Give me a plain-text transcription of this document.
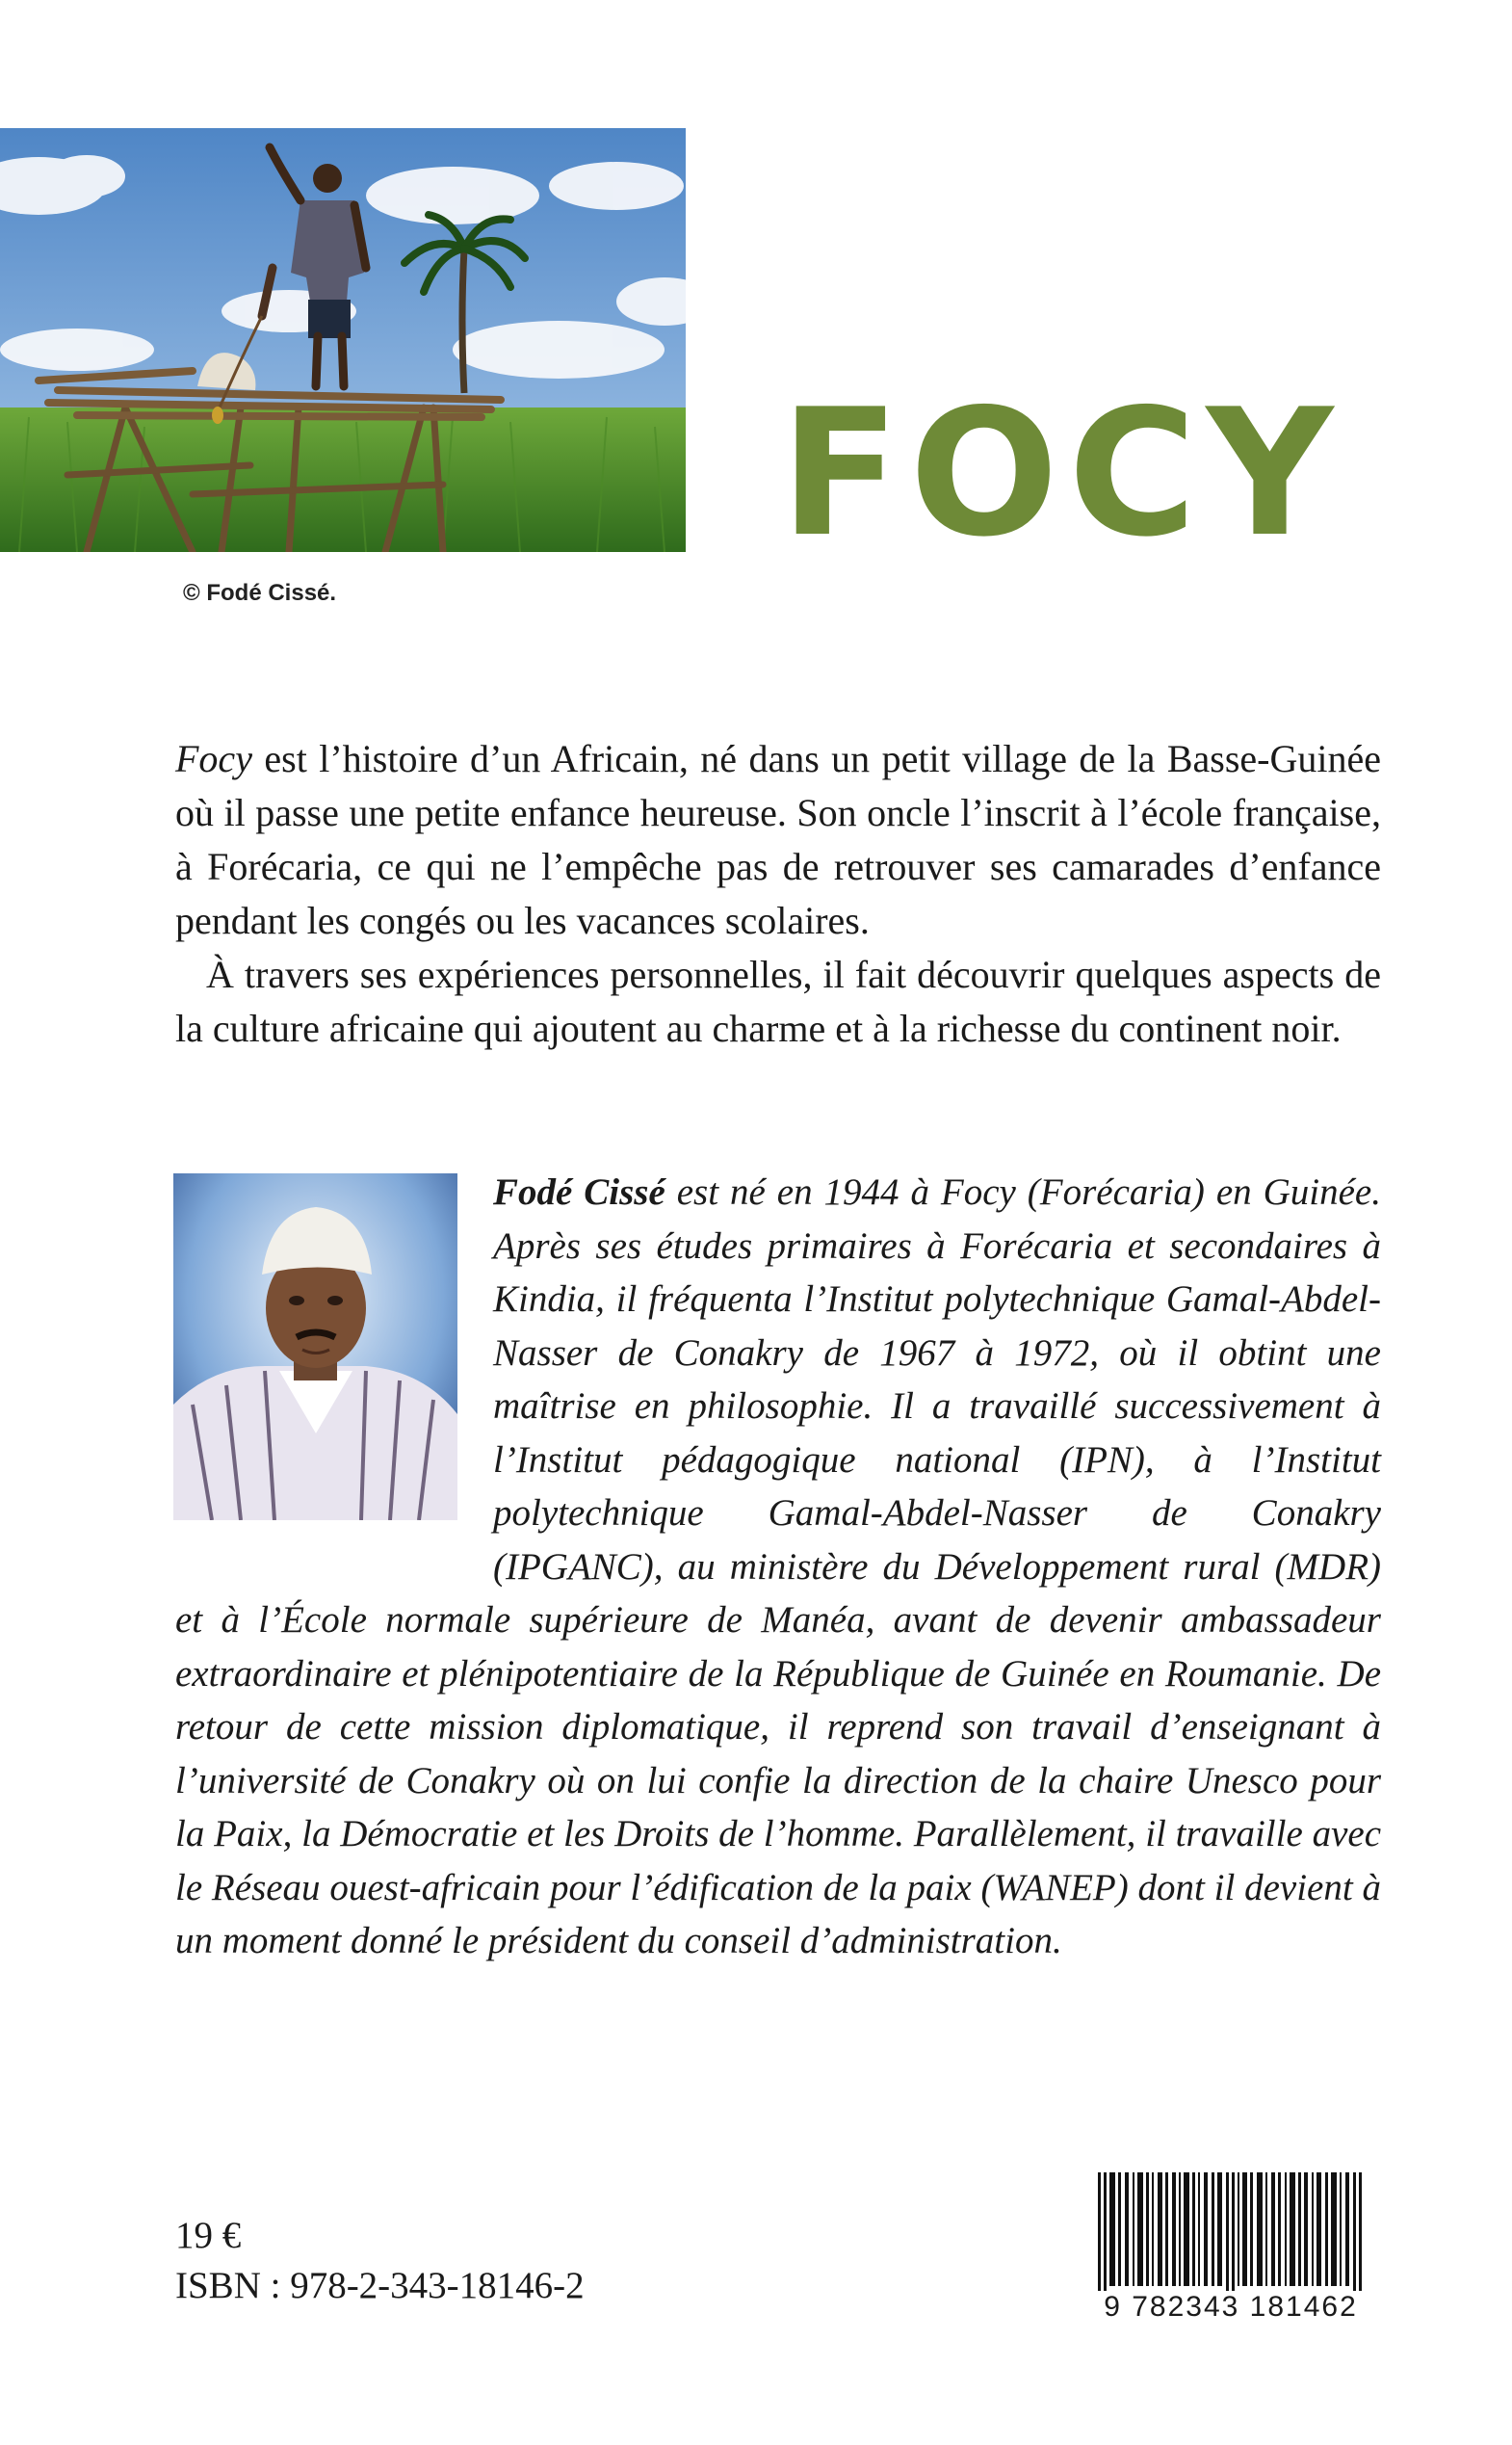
© Fodé Cissé.
FOCY

Focy est l’histoire d’un Africain, né dans un petit village de la Basse-Guinée où il passe une petite enfance heureuse. Son oncle l’inscrit à l’école française, à Forécaria, ce qui ne l’empêche pas de retrouver ses camarades d’enfance pendant les congés ou les vacances scolaires.

À travers ses expériences personnelles, il fait découvrir quelques aspects de la culture africaine qui ajoutent au charme et à la richesse du continent noir.

Fodé Cissé est né en 1944 à Focy (Forécaria) en Guinée. Après ses études primaires à Forécaria et secondaires à Kindia, il fréquenta l’Institut polytechnique Gamal-Abdel-Nasser de Conakry de 1967 à 1972, où il obtint une maîtrise en philosophie. Il a travaillé successivement à l’Institut pédagogique national (IPN), à l’Institut polytechnique Gamal-Abdel-Nasser de Conakry (IPGANC), au ministère du Développement rural (MDR) et à l’École normale supérieure de Manéa, avant de devenir ambassadeur extraordinaire et plénipotentiaire de la République de Guinée en Roumanie. De retour de cette mission diplomatique, il reprend son travail d’enseignant à l’université de Conakry où on lui confie la direction de la chaire Unesco pour la Paix, la Démocratie et les Droits de l’homme. Parallèlement, il travaille avec le Réseau ouest-africain pour l’édification de la paix (WANEP) dont il devient à un moment donné le président du conseil d’administration.
19 €
ISBN : 978-2-343-18146-2
9 782343 181462
